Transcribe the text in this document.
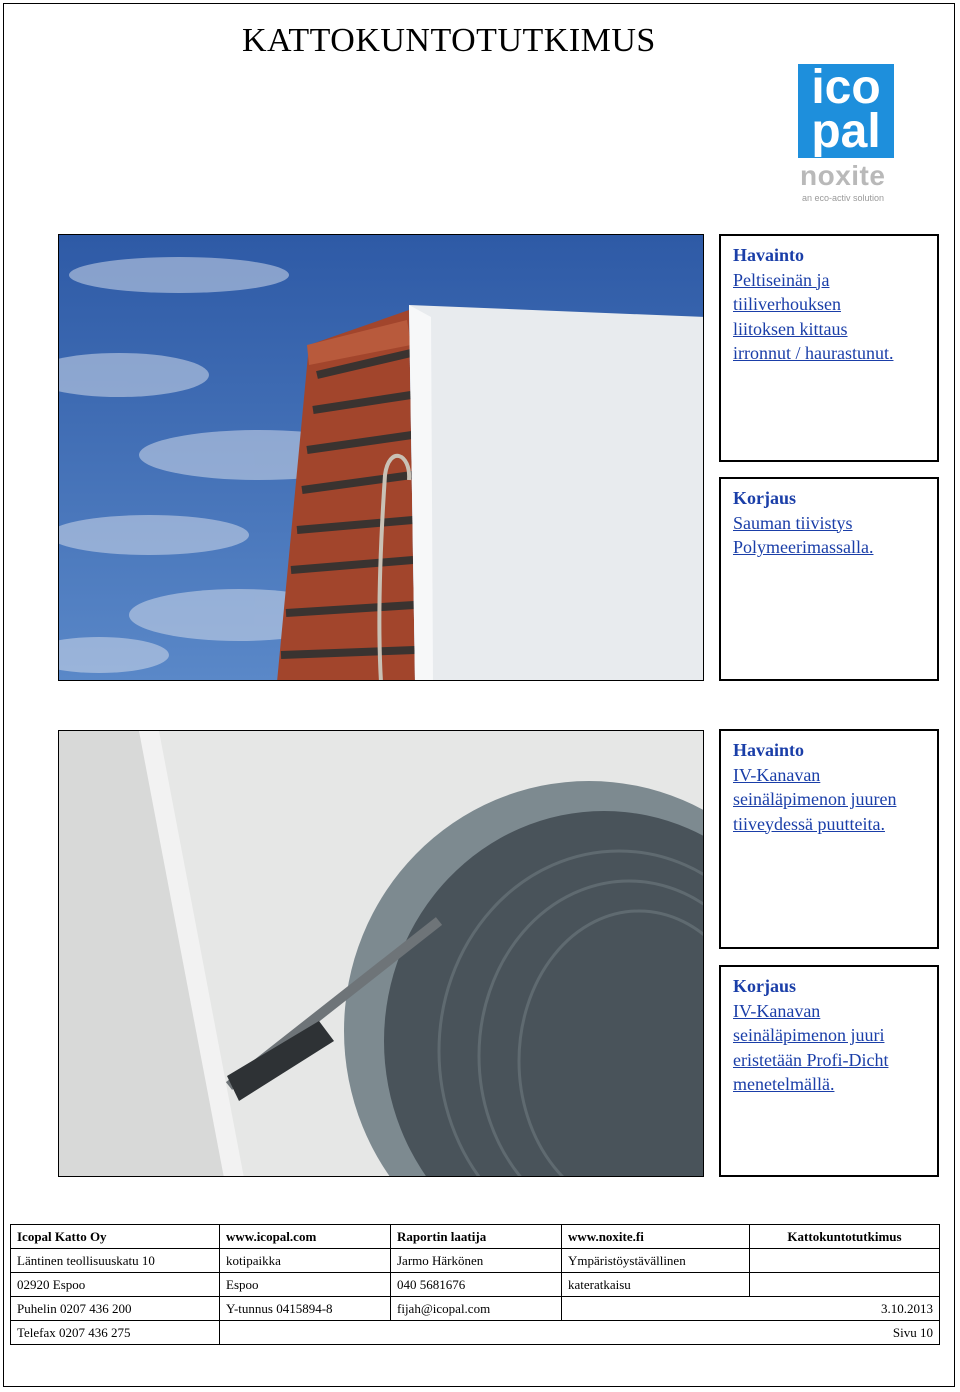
KATTOKUNTOTUTKIMUS
ico
pal
noxite
an eco-activ solution
Havainto
Peltiseinän ja
tiiliverhouksen
liitoksen kittaus
irronnut / haurastunut.
Korjaus
Sauman tiivistys
Polymeerimassalla.
Havainto
IV-Kanavan
seinäläpimenon juuren
tiiveydessä puutteita.
Korjaus
IV-Kanavan
seinäläpimenon juuri
eristetään Profi-Dicht
menetelmällä.
Icopal Katto Oy	www.icopal.com	Raportin laatija	www.noxite.fi	Kattokuntotutkimus
Läntinen teollisuuskatu 10	kotipaikka	Jarmo Härkönen	Ympäristöystävällinen	
02920 Espoo	Espoo	040 5681676	kateratkaisu	
Puhelin 0207 436 200	Y-tunnus 0415894-8	fijah@icopal.com	3.10.2013	
Telefax 0207 436 275	Sivu 10			
